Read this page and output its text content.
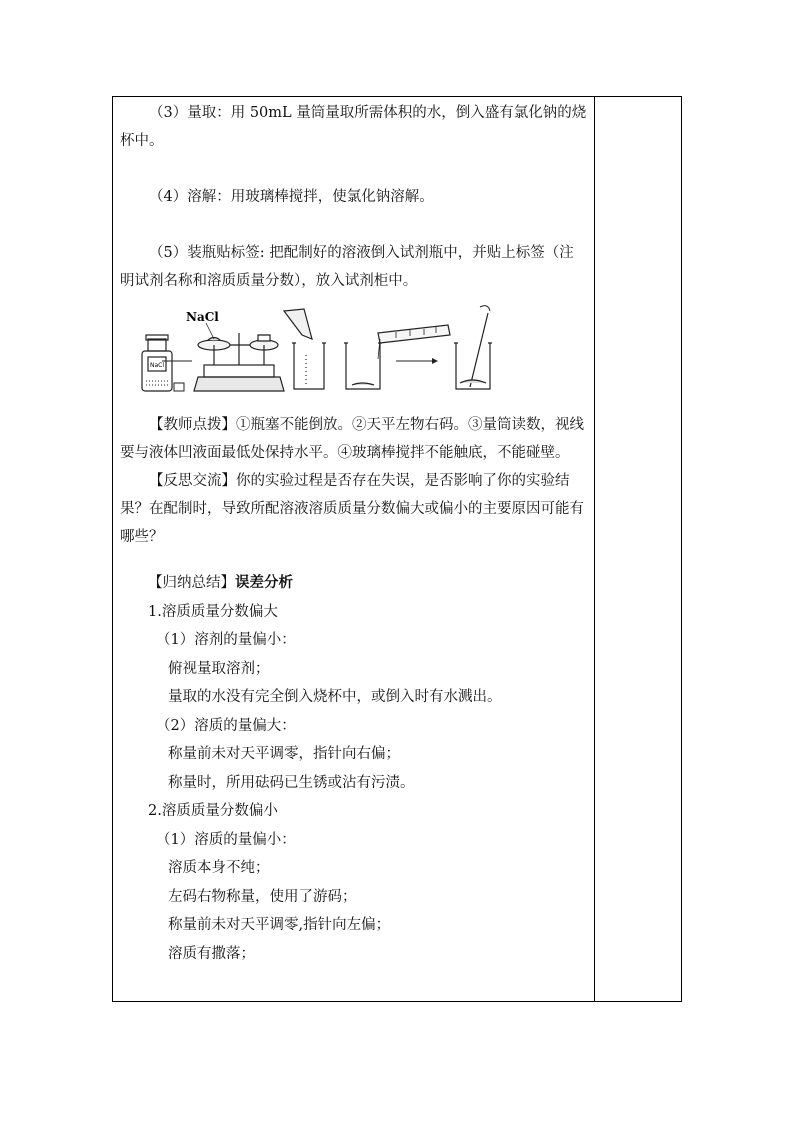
（3）量取：用 50mL 量筒量取所需体积的水，倒入盛有氯化钠的烧杯中。

（4）溶解：用玻璃棒搅拌，使氯化钠溶解。

（5）装瓶贴标签: 把配制好的溶液倒入试剂瓶中，并贴上标签（注明试剂名称和溶质质量分数），放入试剂柜中。

NaCl
NaCl

【教师点拨】①瓶塞不能倒放。②天平左物右码。③量筒读数，视线要与液体凹液面最低处保持水平。④玻璃棒搅拌不能触底，不能碰壁。

【反思交流】你的实验过程是否存在失误，是否影响了你的实验结果？在配制时，导致所配溶液溶质质量分数偏大或偏小的主要原因可能有哪些？

【归纳总结】误差分析

1.溶质质量分数偏大

（1）溶剂的量偏小：

俯视量取溶剂；

量取的水没有完全倒入烧杯中，或倒入时有水溅出。

（2）溶质的量偏大：

称量前未对天平调零，指针向右偏；

称量时，所用砝码已生锈或沾有污渍。

2.溶质质量分数偏小

（1）溶质的量偏小：

溶质本身不纯；

左码右物称量，使用了游码；

称量前未对天平调零,指针向左偏；

溶质有撒落；
